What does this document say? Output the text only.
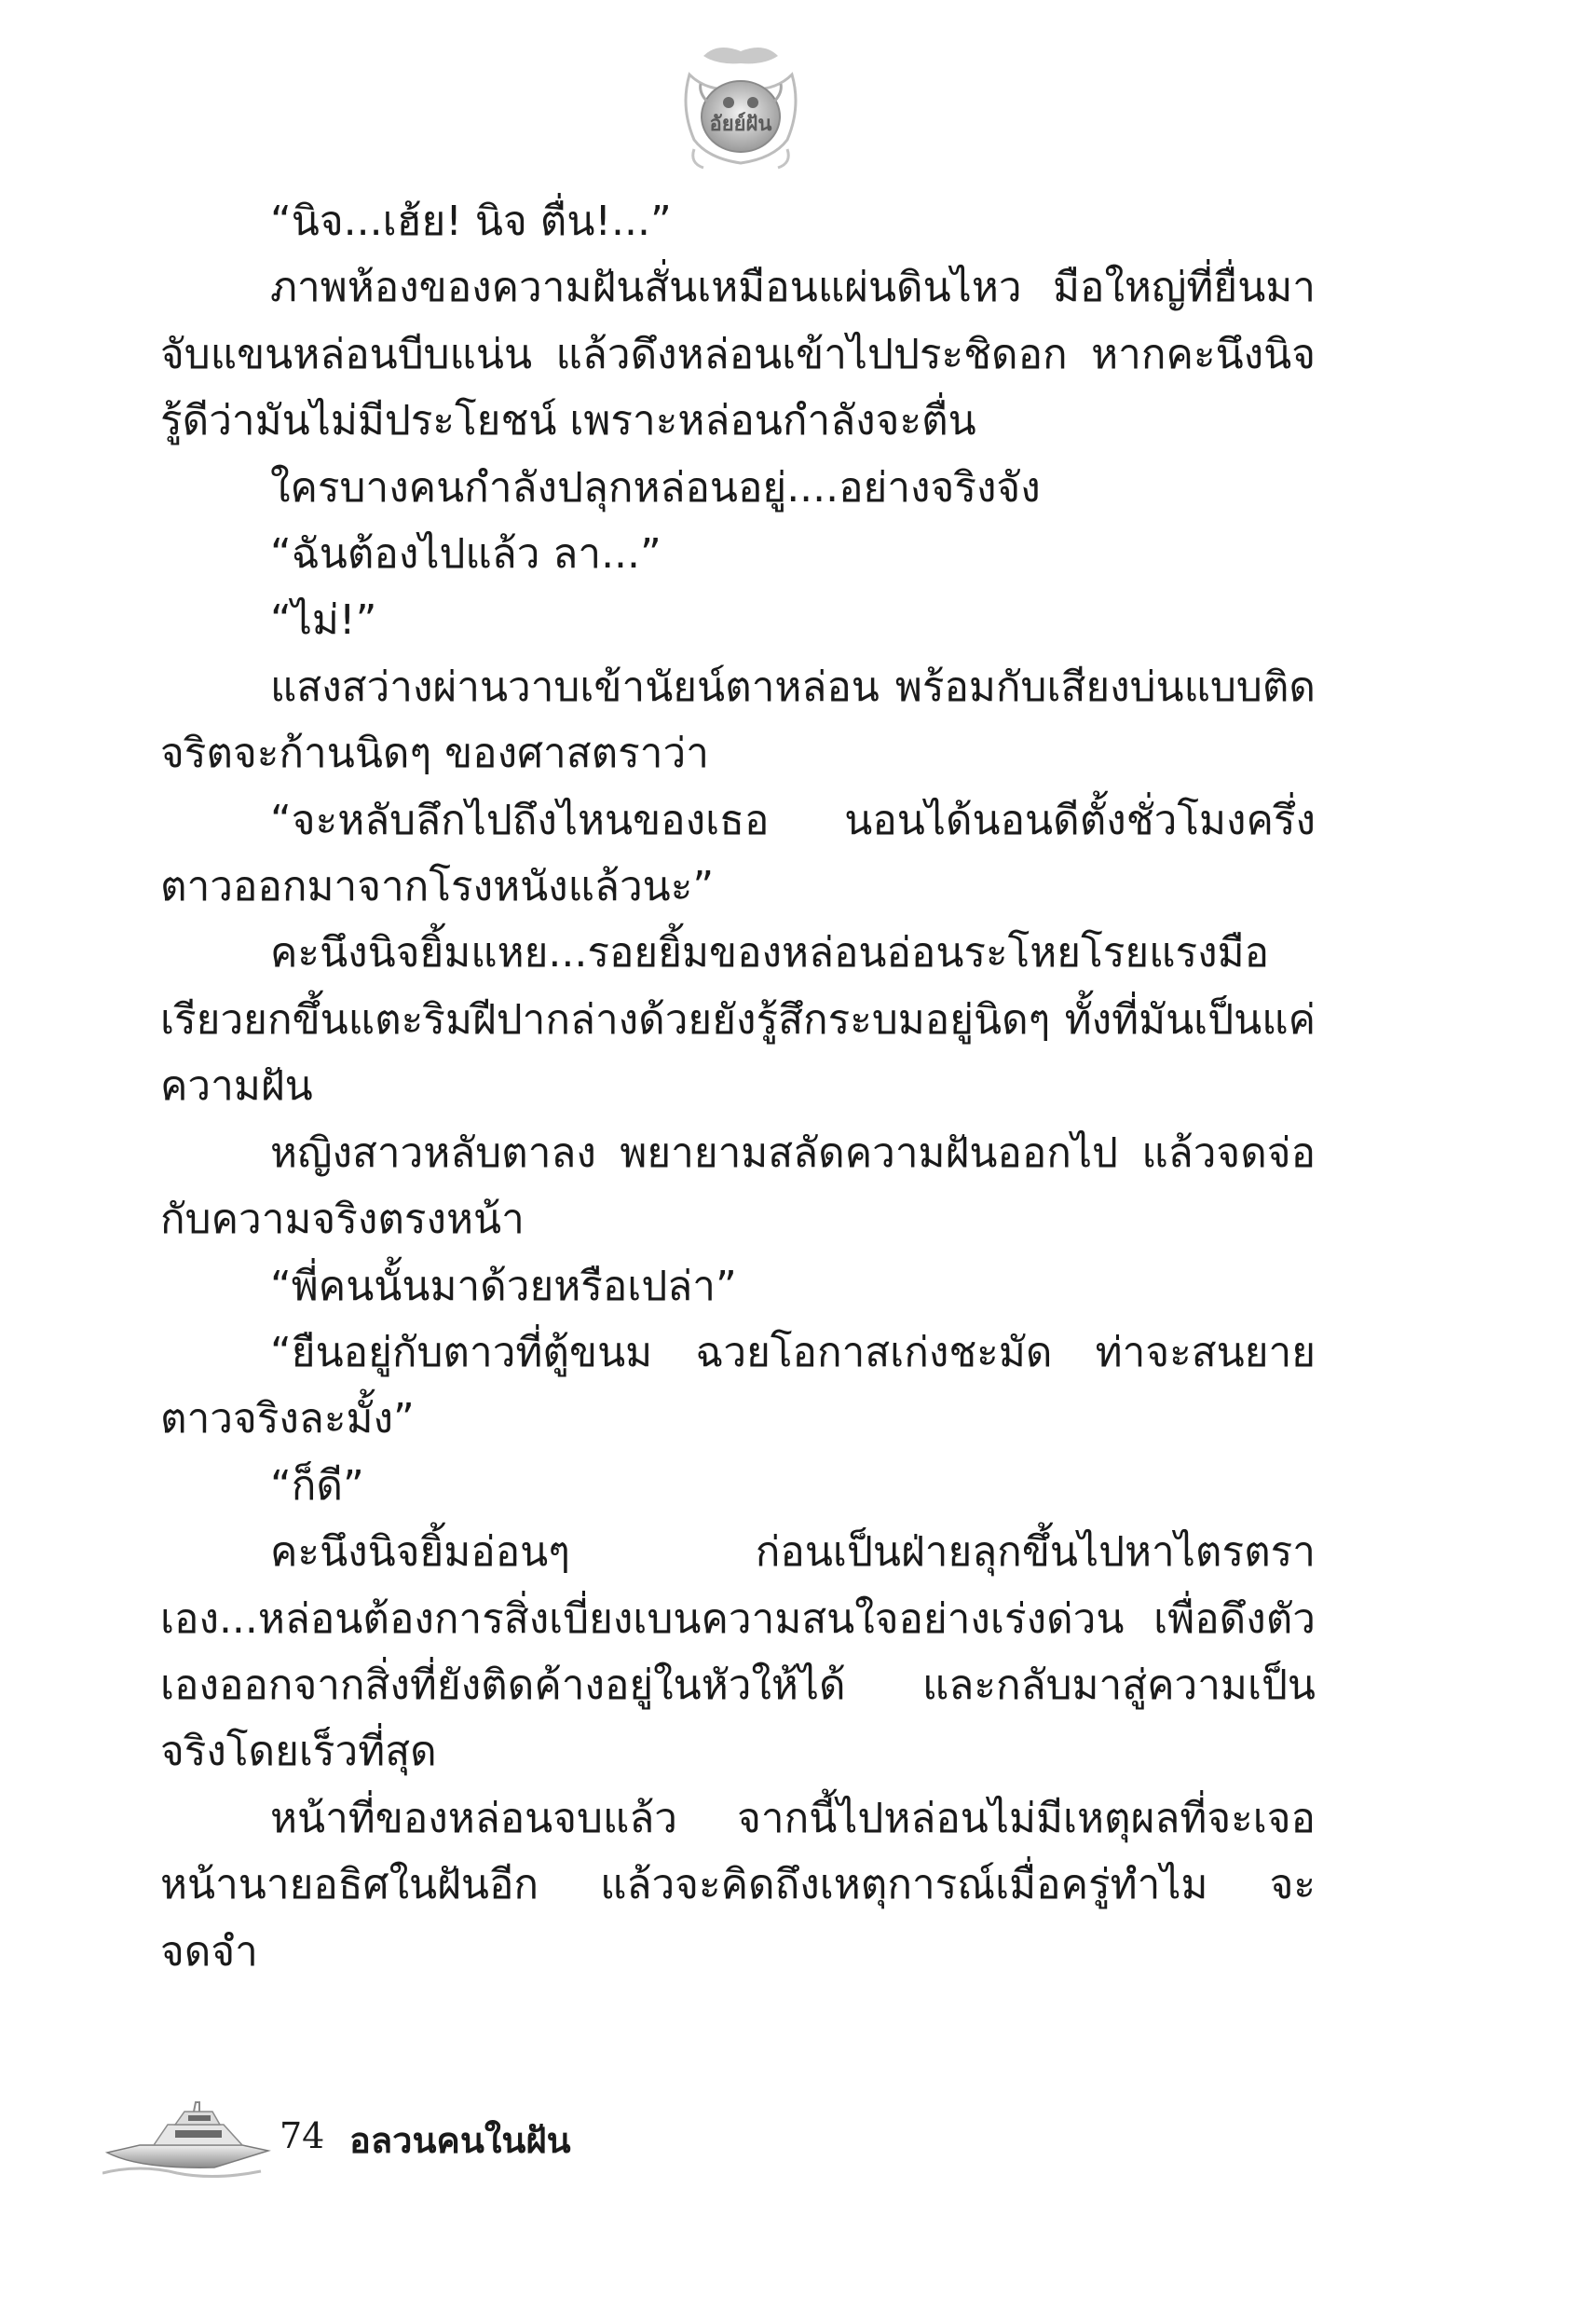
อัยย์ฝัน

“นิจ...เฮ้ย! นิจ ตื่น!...”

ภาพห้องของความฝันสั่นเหมือนแผ่นดินไหว มือใหญ่ที่ยื่นมาจับแขนหล่อนบีบแน่น แล้วดึงหล่อนเข้าไปประชิดอก หากคะนึงนิจรู้ดีว่ามันไม่มีประโยชน์ เพราะหล่อนกำลังจะตื่น

ใครบางคนกำลังปลุกหล่อนอยู่....อย่างจริงจัง

“ฉันต้องไปแล้ว ลา...”

“ไม่!”

แสงสว่างผ่านวาบเข้านัยน์ตาหล่อน พร้อมกับเสียงบ่นแบบติดจริตจะก้านนิดๆ ของศาสตราว่า

“จะหลับลึกไปถึงไหนของเธอ นอนได้นอนดีตั้งชั่วโมงครึ่งตาวออกมาจากโรงหนังแล้วนะ”

คะนึงนิจยิ้มแหย...รอยยิ้มของหล่อนอ่อนระโหยโรยแรงมือเรียวยกขึ้นแตะริมฝีปากล่างด้วยยังรู้สึกระบมอยู่นิดๆ ทั้งที่มันเป็นแค่ความฝัน

หญิงสาวหลับตาลง พยายามสลัดความฝันออกไป แล้วจดจ่อกับความจริงตรงหน้า

“พี่คนนั้นมาด้วยหรือเปล่า”

“ยืนอยู่กับตาวที่ตู้ขนม ฉวยโอกาสเก่งชะมัด ท่าจะสนยายตาวจริงละมั้ง”

“ก็ดี”

คะนึงนิจยิ้มอ่อนๆ ก่อนเป็นฝ่ายลุกขึ้นไปหาไตรตราเอง...หล่อนต้องการสิ่งเบี่ยงเบนความสนใจอย่างเร่งด่วน เพื่อดึงตัวเองออกจากสิ่งที่ยังติดค้างอยู่ในหัวให้ได้ และกลับมาสู่ความเป็นจริงโดยเร็วที่สุด

หน้าที่ของหล่อนจบแล้ว จากนี้ไปหล่อนไม่มีเหตุผลที่จะเจอหน้านายอธิศในฝันอีก แล้วจะคิดถึงเหตุการณ์เมื่อครู่ทำไม จะจดจำ

74 อลวนคนในฝัน
